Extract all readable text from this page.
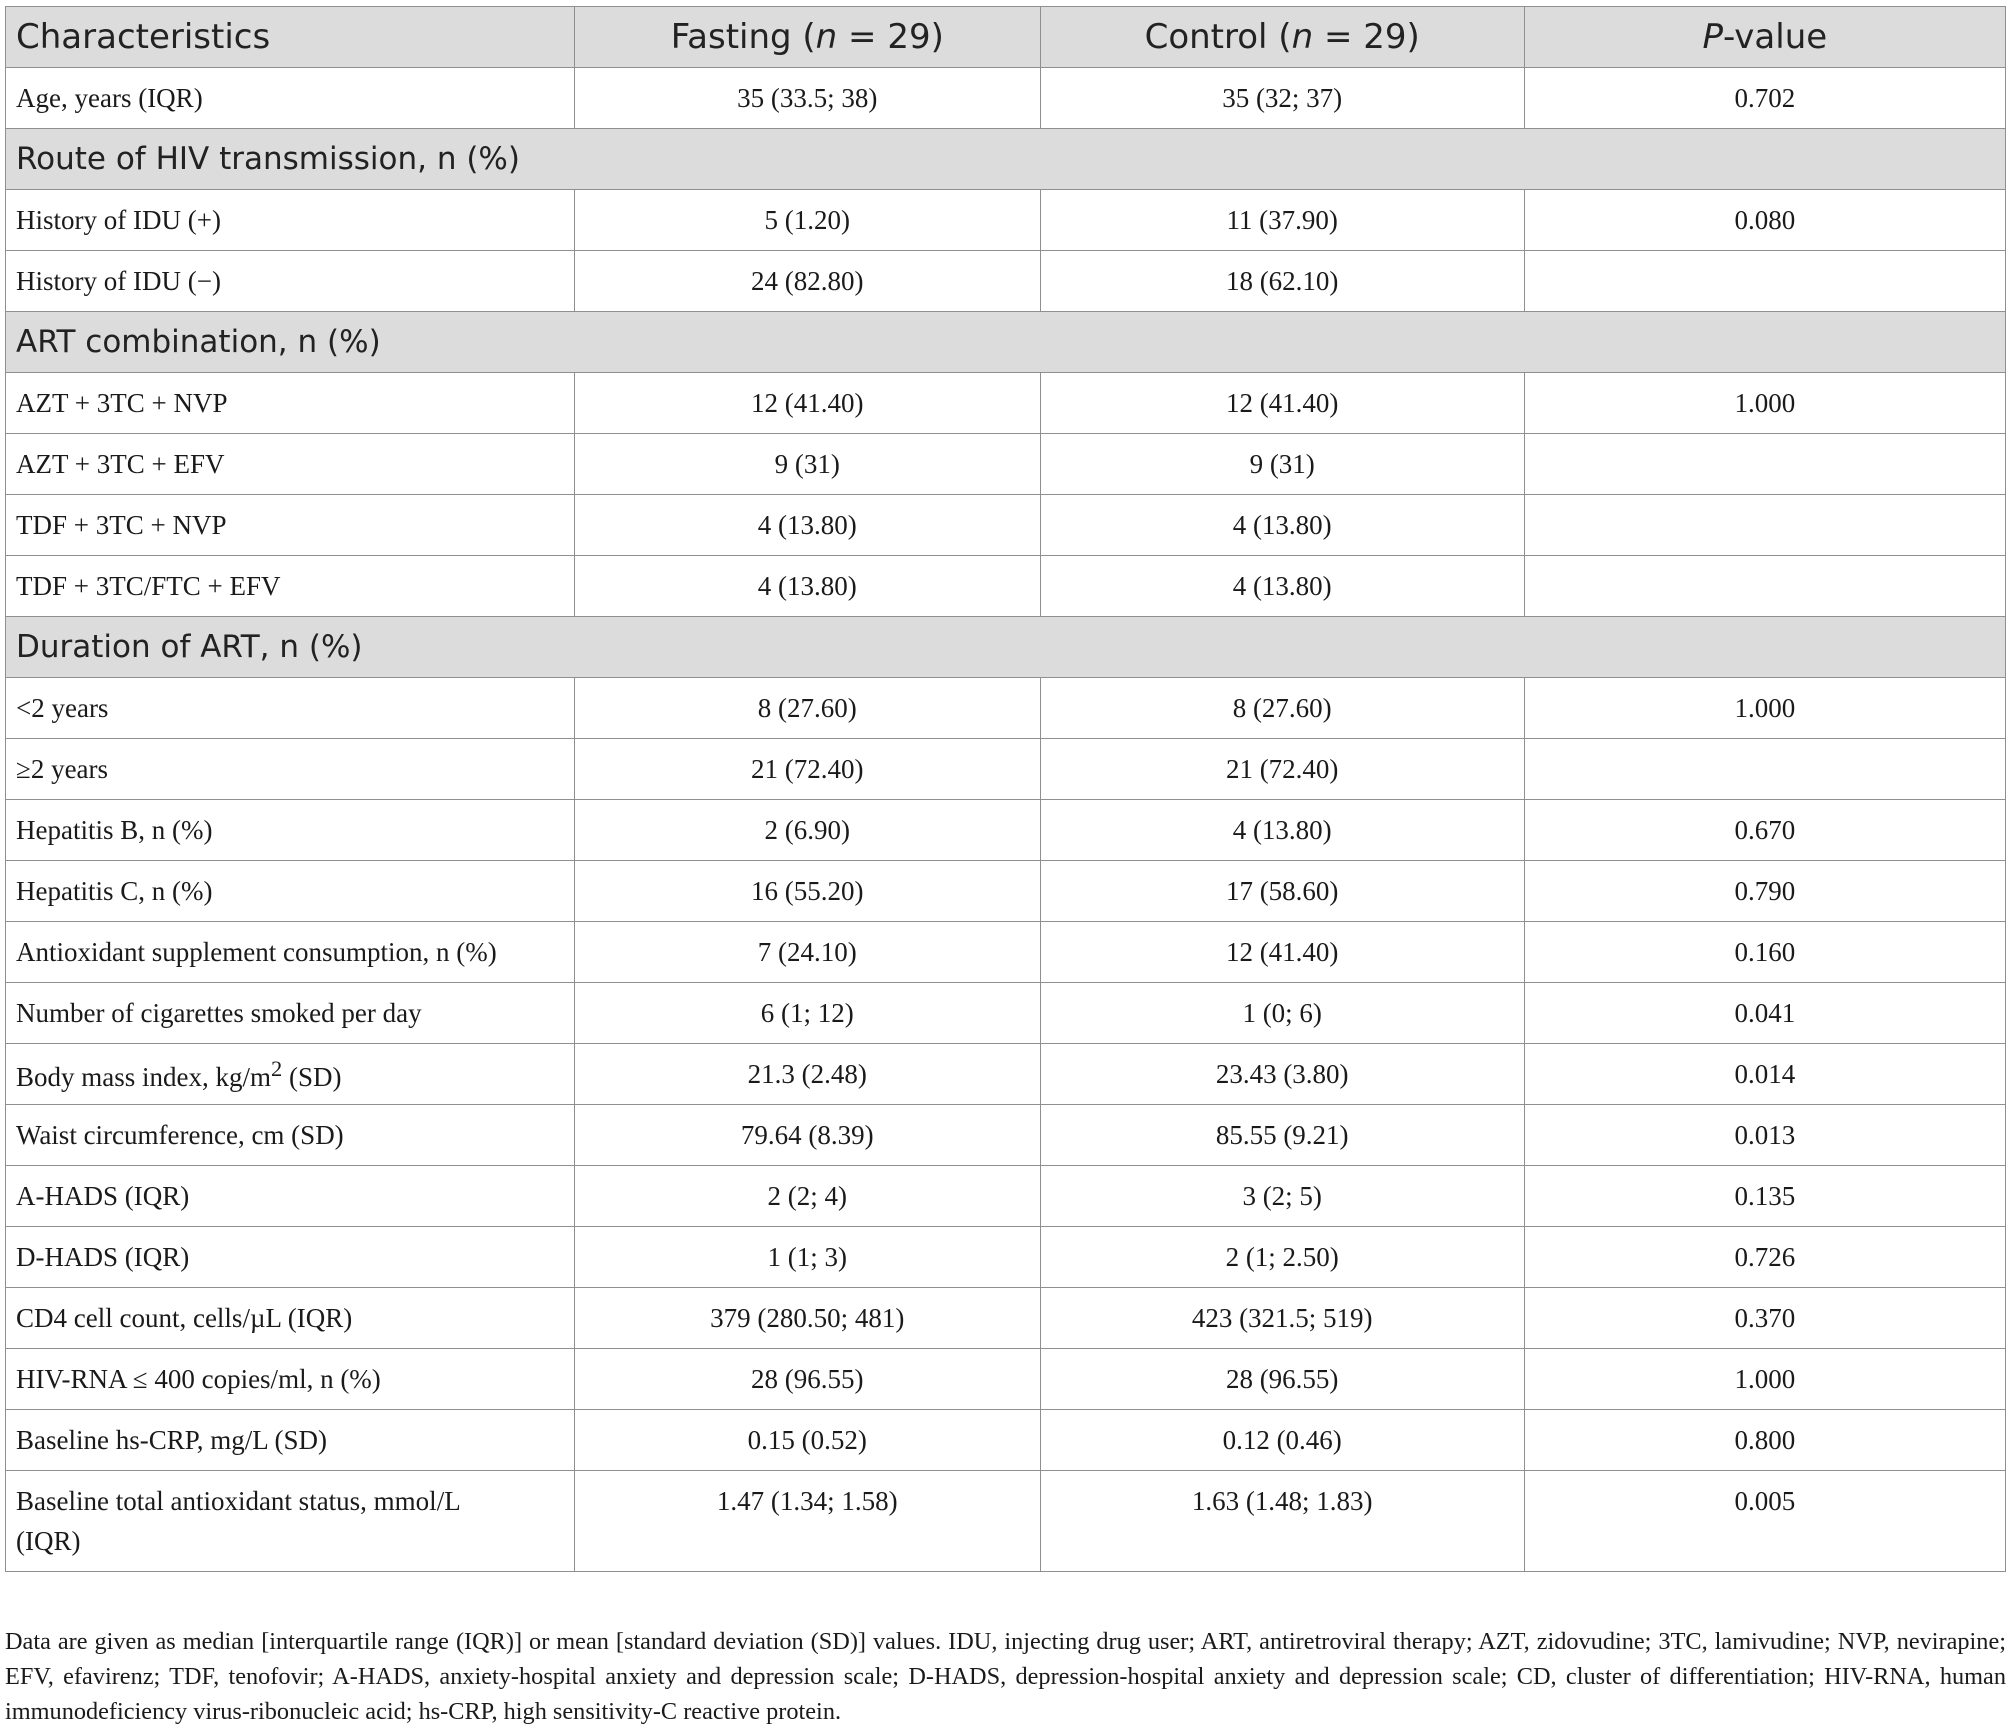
Characteristics	Fasting (n = 29)	Control (n = 29)	P-value
Age, years (IQR)	35 (33.5; 38)	35 (32; 37)	0.702
Route of HIV transmission, n (%)			
History of IDU (+)	5 (1.20)	11 (37.90)	0.080
History of IDU (−)	24 (82.80)	18 (62.10)	
ART combination, n (%)			
AZT + 3TC + NVP	12 (41.40)	12 (41.40)	1.000
AZT + 3TC + EFV	9 (31)	9 (31)	
TDF + 3TC + NVP	4 (13.80)	4 (13.80)	
TDF + 3TC/FTC + EFV	4 (13.80)	4 (13.80)	
Duration of ART, n (%)			
<2 years	8 (27.60)	8 (27.60)	1.000
≥2 years	21 (72.40)	21 (72.40)	
Hepatitis B, n (%)	2 (6.90)	4 (13.80)	0.670
Hepatitis C, n (%)	16 (55.20)	17 (58.60)	0.790
Antioxidant supplement consumption, n (%)	7 (24.10)	12 (41.40)	0.160
Number of cigarettes smoked per day	6 (1; 12)	1 (0; 6)	0.041
Body mass index, $kg/m^2$ (SD)	21.3 (2.48)	23.43 (3.80)	0.014
Waist circumference, cm (SD)	79.64 (8.39)	85.55 (9.21)	0.013
A-HADS (IQR)	2 (2; 4)	3 (2; 5)	0.135
D-HADS (IQR)	1 (1; 3)	2 (1; 2.50)	0.726
CD4 cell count, cells/µL (IQR)	379 (280.50; 481)	423 (321.5; 519)	0.370
HIV-RNA ≤ 400 copies/ml, n (%)	28 (96.55)	28 (96.55)	1.000
Baseline hs-CRP, mg/L (SD)	0.15 (0.52)	0.12 (0.46)	0.800
Baseline total antioxidant status, mmol/L
(IQR)	1.47 (1.34; 1.58)	1.63 (1.48; 1.83)	0.005
Data are given as median [interquartile range (IQR)] or mean [standard deviation (SD)] values. IDU, injecting drug user; ART, antiretroviral therapy; AZT, zidovudine; 3TC, lamivudine; NVP, nevirapine; EFV, efavirenz; TDF, tenofovir; A-HADS, anxiety-hospital anxiety and depression scale; D-HADS, depression-hospital anxiety and depression scale; CD, cluster of differentiation; HIV-RNA, human immunodeficiency virus-ribonucleic acid; hs-CRP, high sensitivity-C reactive protein.
